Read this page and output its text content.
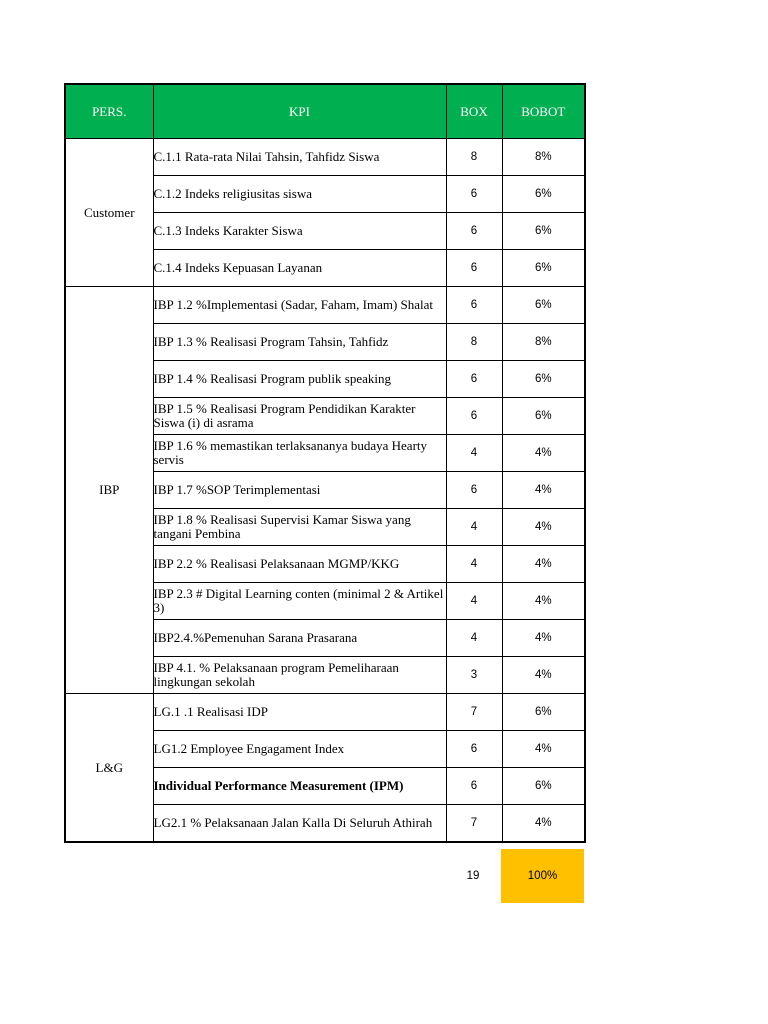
PERS.	KPI	BOX	BOBOT
Customer	C.1.1 Rata-rata Nilai Tahsin, Tahfidz Siswa	8	8%
	C.1.2 Indeks religiusitas siswa	6	6%
	C.1.3 Indeks Karakter Siswa	6	6%
	C.1.4 Indeks Kepuasan Layanan	6	6%
IBP	IBP 1.2 %Implementasi (Sadar, Faham, Imam) Shalat	6	6%
	IBP 1.3 % Realisasi Program Tahsin, Tahfidz	8	8%
	IBP 1.4 % Realisasi Program publik speaking	6	6%
	IBP 1.5 % Realisasi Program Pendidikan Karakter Siswa (i) di asrama	6	6%
	IBP 1.6 % memastikan terlaksananya budaya Hearty servis	4	4%
	IBP 1.7 %SOP Terimplementasi	6	4%
	IBP 1.8 % Realisasi Supervisi Kamar Siswa yang tangani Pembina	4	4%
	IBP 2.2 % Realisasi Pelaksanaan MGMP/KKG	4	4%
	IBP 2.3 # Digital Learning conten (minimal 2 & Artikel 3)	4	4%
	IBP2.4.%Pemenuhan Sarana Prasarana	4	4%
	IBP 4.1. % Pelaksanaan program Pemeliharaan lingkungan sekolah	3	4%
L&G	LG.1 .1 Realisasi IDP	7	6%
	LG1.2 Employee Engagament Index	6	4%
	Individual Performance Measurement (IPM)	6	6%
	LG2.1 % Pelaksanaan Jalan Kalla Di Seluruh Athirah	7	4%
19	100%
